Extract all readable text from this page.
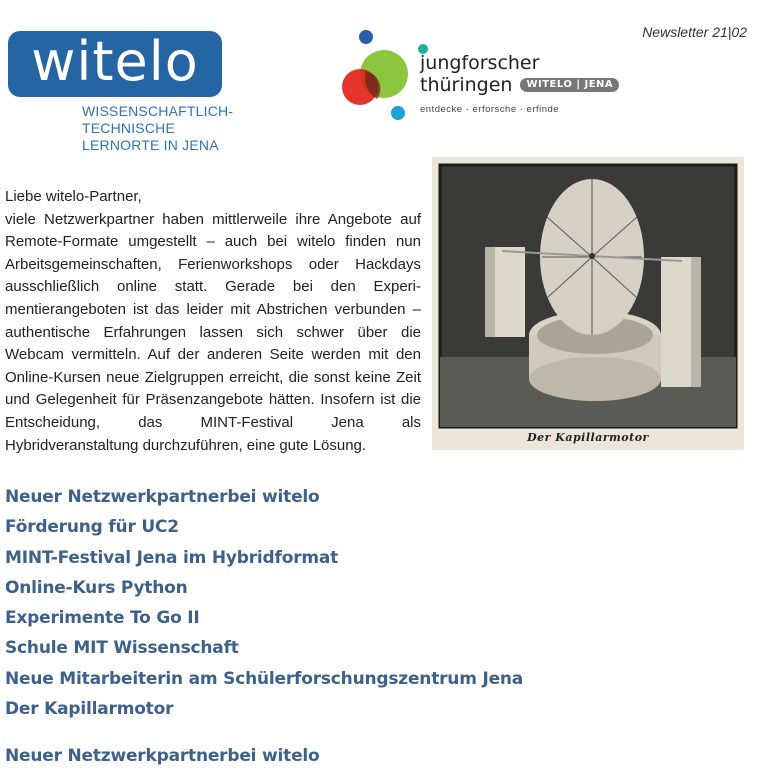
witelo
WISSENSCHAFTLICH-TECHNISCHE
LERNORTE IN JENA
jungforscher
thüringen	WITELO | JENA
entdecke · erforsche · erfinde
Newsletter 21|02
Liebe witelo-Partner,
viele Netzwerkpartner haben mittlerweile ihre Angebote auf Remote-Formate umgestellt – auch bei witelo finden nun Arbeitsgemeinschaften, Ferienworkshops oder Hackdays ausschließlich online statt. Gerade bei den Experimentierangeboten ist das leider mit Abstrichen verbunden – authentische Erfahrungen lassen sich schwer über die Webcam vermitteln. Auf der anderen Seite werden mit den Online-Kursen neue Zielgruppen erreicht, die sonst keine Zeit und Gelegenheit für Präsenzangebote hätten. Insofern ist die Entscheidung, das MINT-Festival Jena als Hybridveranstaltung durchzuführen, eine gute Lösung.	Der Kapillarmotor
Neuer Netzwerkpartnerbei witelo
Förderung für UC2
MINT-Festival Jena im Hybridformat
Online-Kurs Python
Experimente To Go II
Schule MIT Wissenschaft
Neue Mitarbeiterin am Schülerforschungszentrum Jena
Der Kapillarmotor
Neuer Netzwerkpartnerbei witelo
